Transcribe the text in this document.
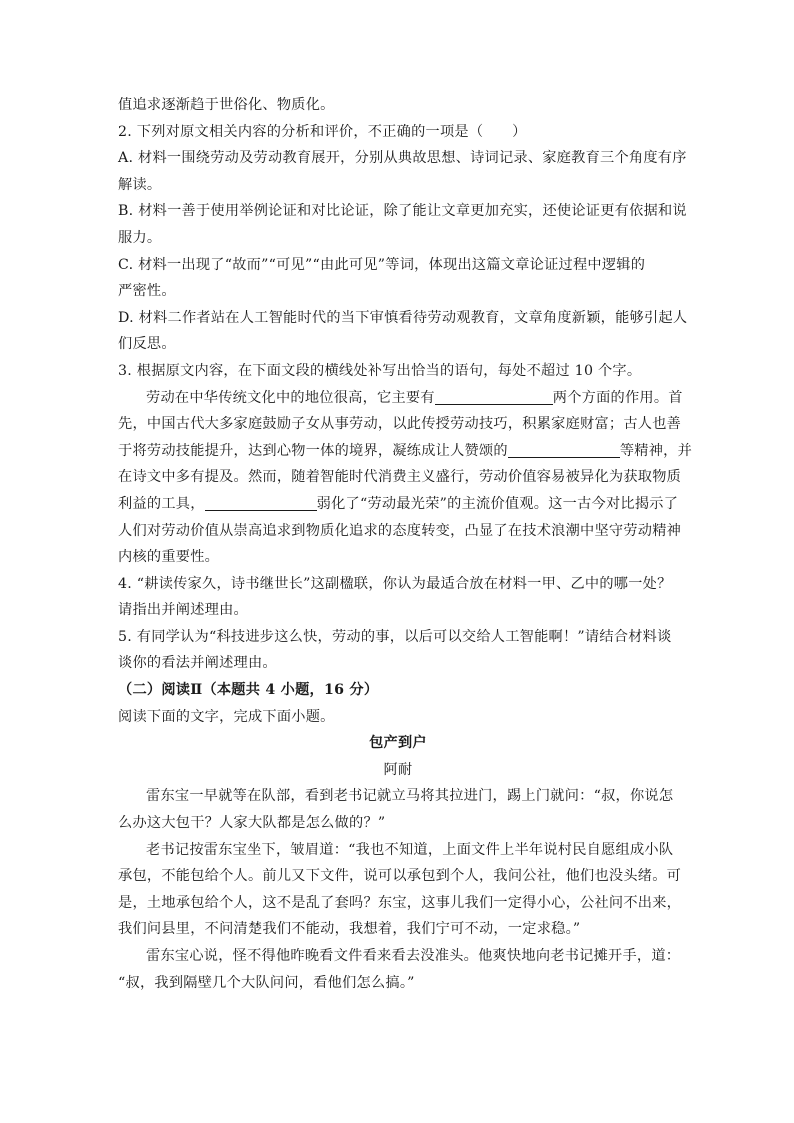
值追求逐渐趋于世俗化、物质化。
2. 下列对原文相关内容的分析和评价，不正确的一项是（　　）
A. 材料一围绕劳动及劳动教育展开，分别从典故思想、诗词记录、家庭教育三个角度有序
解读。
B. 材料一善于使用举例论证和对比论证，除了能让文章更加充实，还使论证更有依据和说
服力。
C. 材料一出现了“故而”“可见”“由此可见”等词，体现出这篇文章论证过程中逻辑的
严密性。
D. 材料二作者站在人工智能时代的当下审慎看待劳动观教育，文章角度新颖，能够引起人
们反思。
3. 根据原文内容，在下面文段的横线处补写出恰当的语句，每处不超过 10 个字。
劳动在中华传统文化中的地位很高，它主要有	两个方面的作用。首
先，中国古代大多家庭鼓励子女从事劳动，以此传授劳动技巧，积累家庭财富；古人也善
于将劳动技能提升，达到心物一体的境界，凝练成让人赞颂的	等精神，并
在诗文中多有提及。然而，随着智能时代消费主义盛行，劳动价值容易被异化为获取物质
利益的工具，	弱化了“劳动最光荣”的主流价值观。这一古今对比揭示了
人们对劳动价值从崇高追求到物质化追求的态度转变，凸显了在技术浪潮中坚守劳动精神
内核的重要性。
4. “耕读传家久，诗书继世长”这副楹联，你认为最适合放在材料一甲、乙中的哪一处？
请指出并阐述理由。
5. 有同学认为“科技进步这么快，劳动的事，以后可以交给人工智能啊！”请结合材料谈
谈你的看法并阐述理由。
（二）阅读Ⅱ（本题共 4 小题，16 分）
阅读下面的文字，完成下面小题。
包产到户
阿耐
雷东宝一早就等在队部，看到老书记就立马将其拉进门，踢上门就问：“叔，你说怎
么办这大包干？人家大队都是怎么做的？”
老书记按雷东宝坐下，皱眉道：“我也不知道，上面文件上半年说村民自愿组成小队
承包，不能包给个人。前儿又下文件，说可以承包到个人，我问公社，他们也没头绪。可
是，土地承包给个人，这不是乱了套吗？东宝，这事儿我们一定得小心，公社问不出来，
我们问县里，不问清楚我们不能动，我想着，我们宁可不动，一定求稳。”
雷东宝心说，怪不得他昨晚看文件看来看去没准头。他爽快地向老书记摊开手，道：
“叔，我到隔壁几个大队问问，看他们怎么搞。”
